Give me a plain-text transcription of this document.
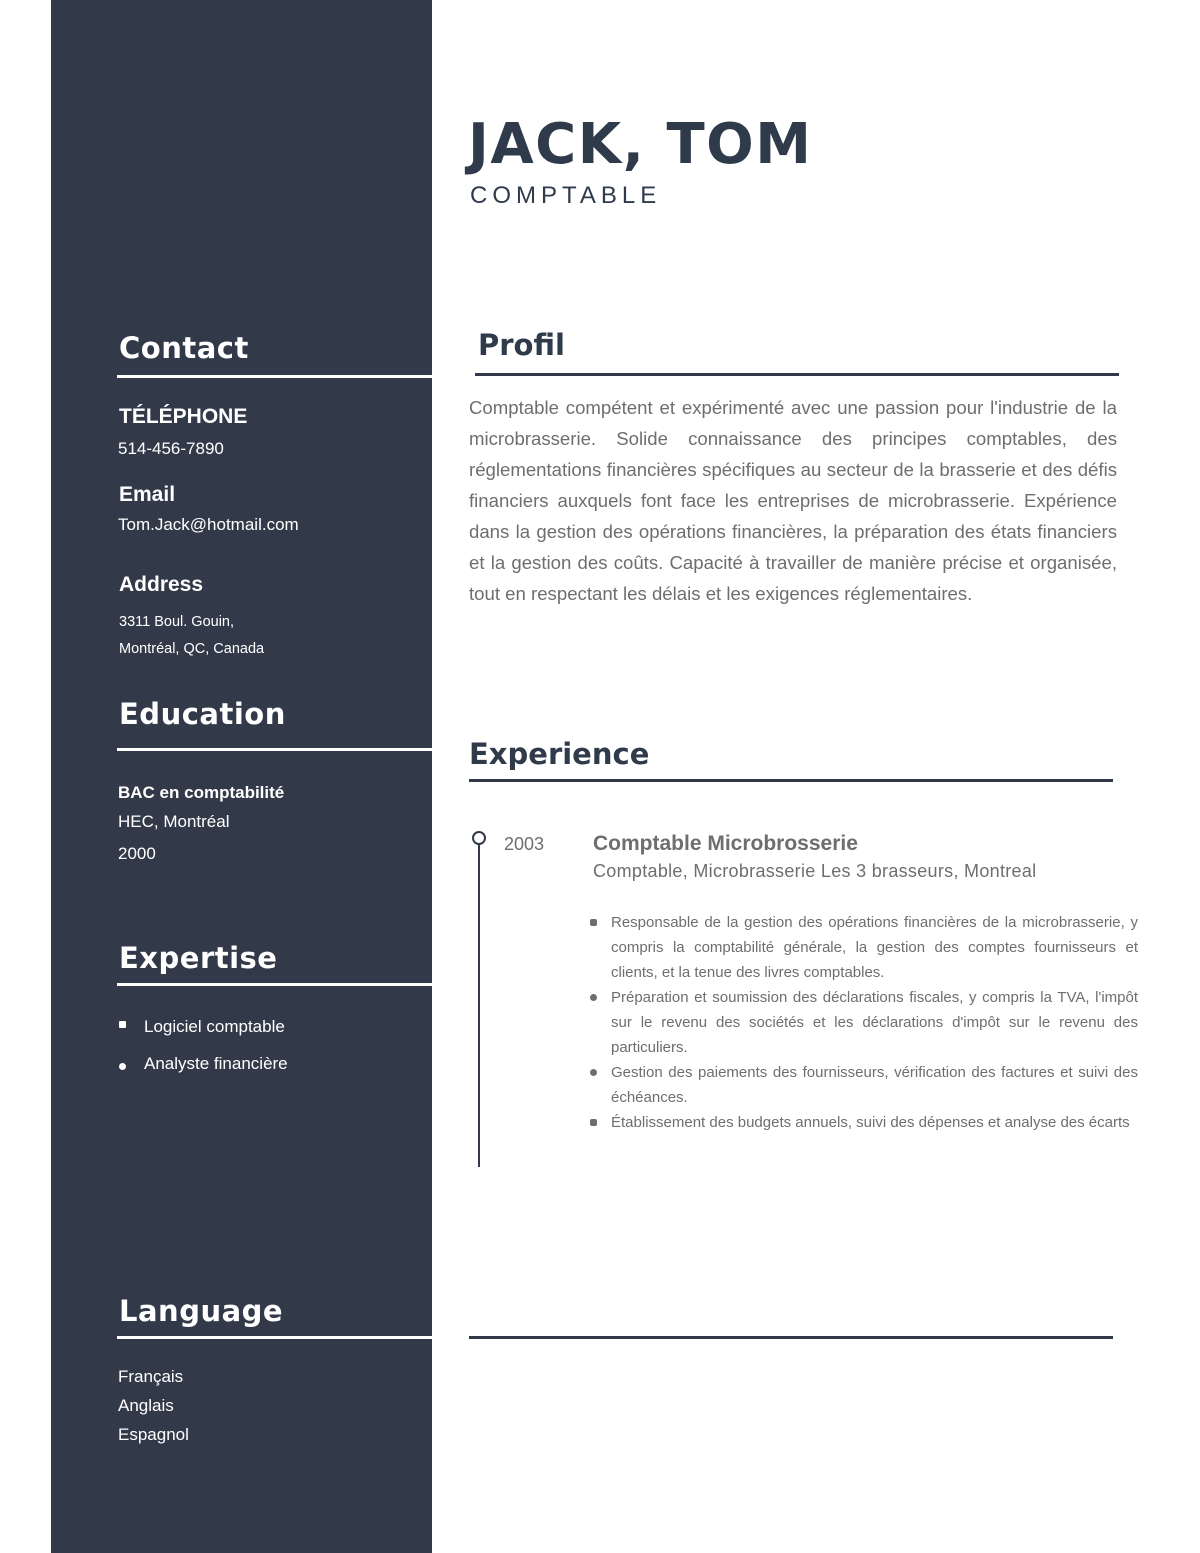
Contact
TÉLÉPHONE
514-456-7890
Email
Tom.Jack@hotmail.com
Address
3311 Boul. Gouin,
Montréal, QC, Canada
Education
BAC en comptabilité
HEC, Montréal
2000
Expertise
Logiciel comptable
Analyste financière
Language
Français
Anglais
Espagnol
JACK, TOM
COMPTABLE
Profil

Comptable compétent et expérimenté avec une passion pour l'industrie de la microbrasserie. Solide connaissance des principes comptables, des réglementations financières spécifiques au secteur de la brasserie et des défis financiers auxquels font face les entreprises de microbrasserie. Expérience dans la gestion des opérations financières, la préparation des états financiers et la gestion des coûts. Capacité à travailler de manière précise et organisée, tout en respectant les délais et les exigences réglementaires.

Experience
2003 Comptable Microbrosserie
Comptable, Microbrasserie Les 3 brasseurs, Montreal
Responsable de la gestion des opérations financières de la microbrasserie, y compris la comptabilité générale, la gestion des comptes fournisseurs et clients, et la tenue des livres comptables.
Préparation et soumission des déclarations fiscales, y compris la TVA, l'impôt sur le revenu des sociétés et les déclarations d'impôt sur le revenu des particuliers.
Gestion des paiements des fournisseurs, vérification des factures et suivi des échéances.
Établissement des budgets annuels, suivi des dépenses et analyse des écarts
